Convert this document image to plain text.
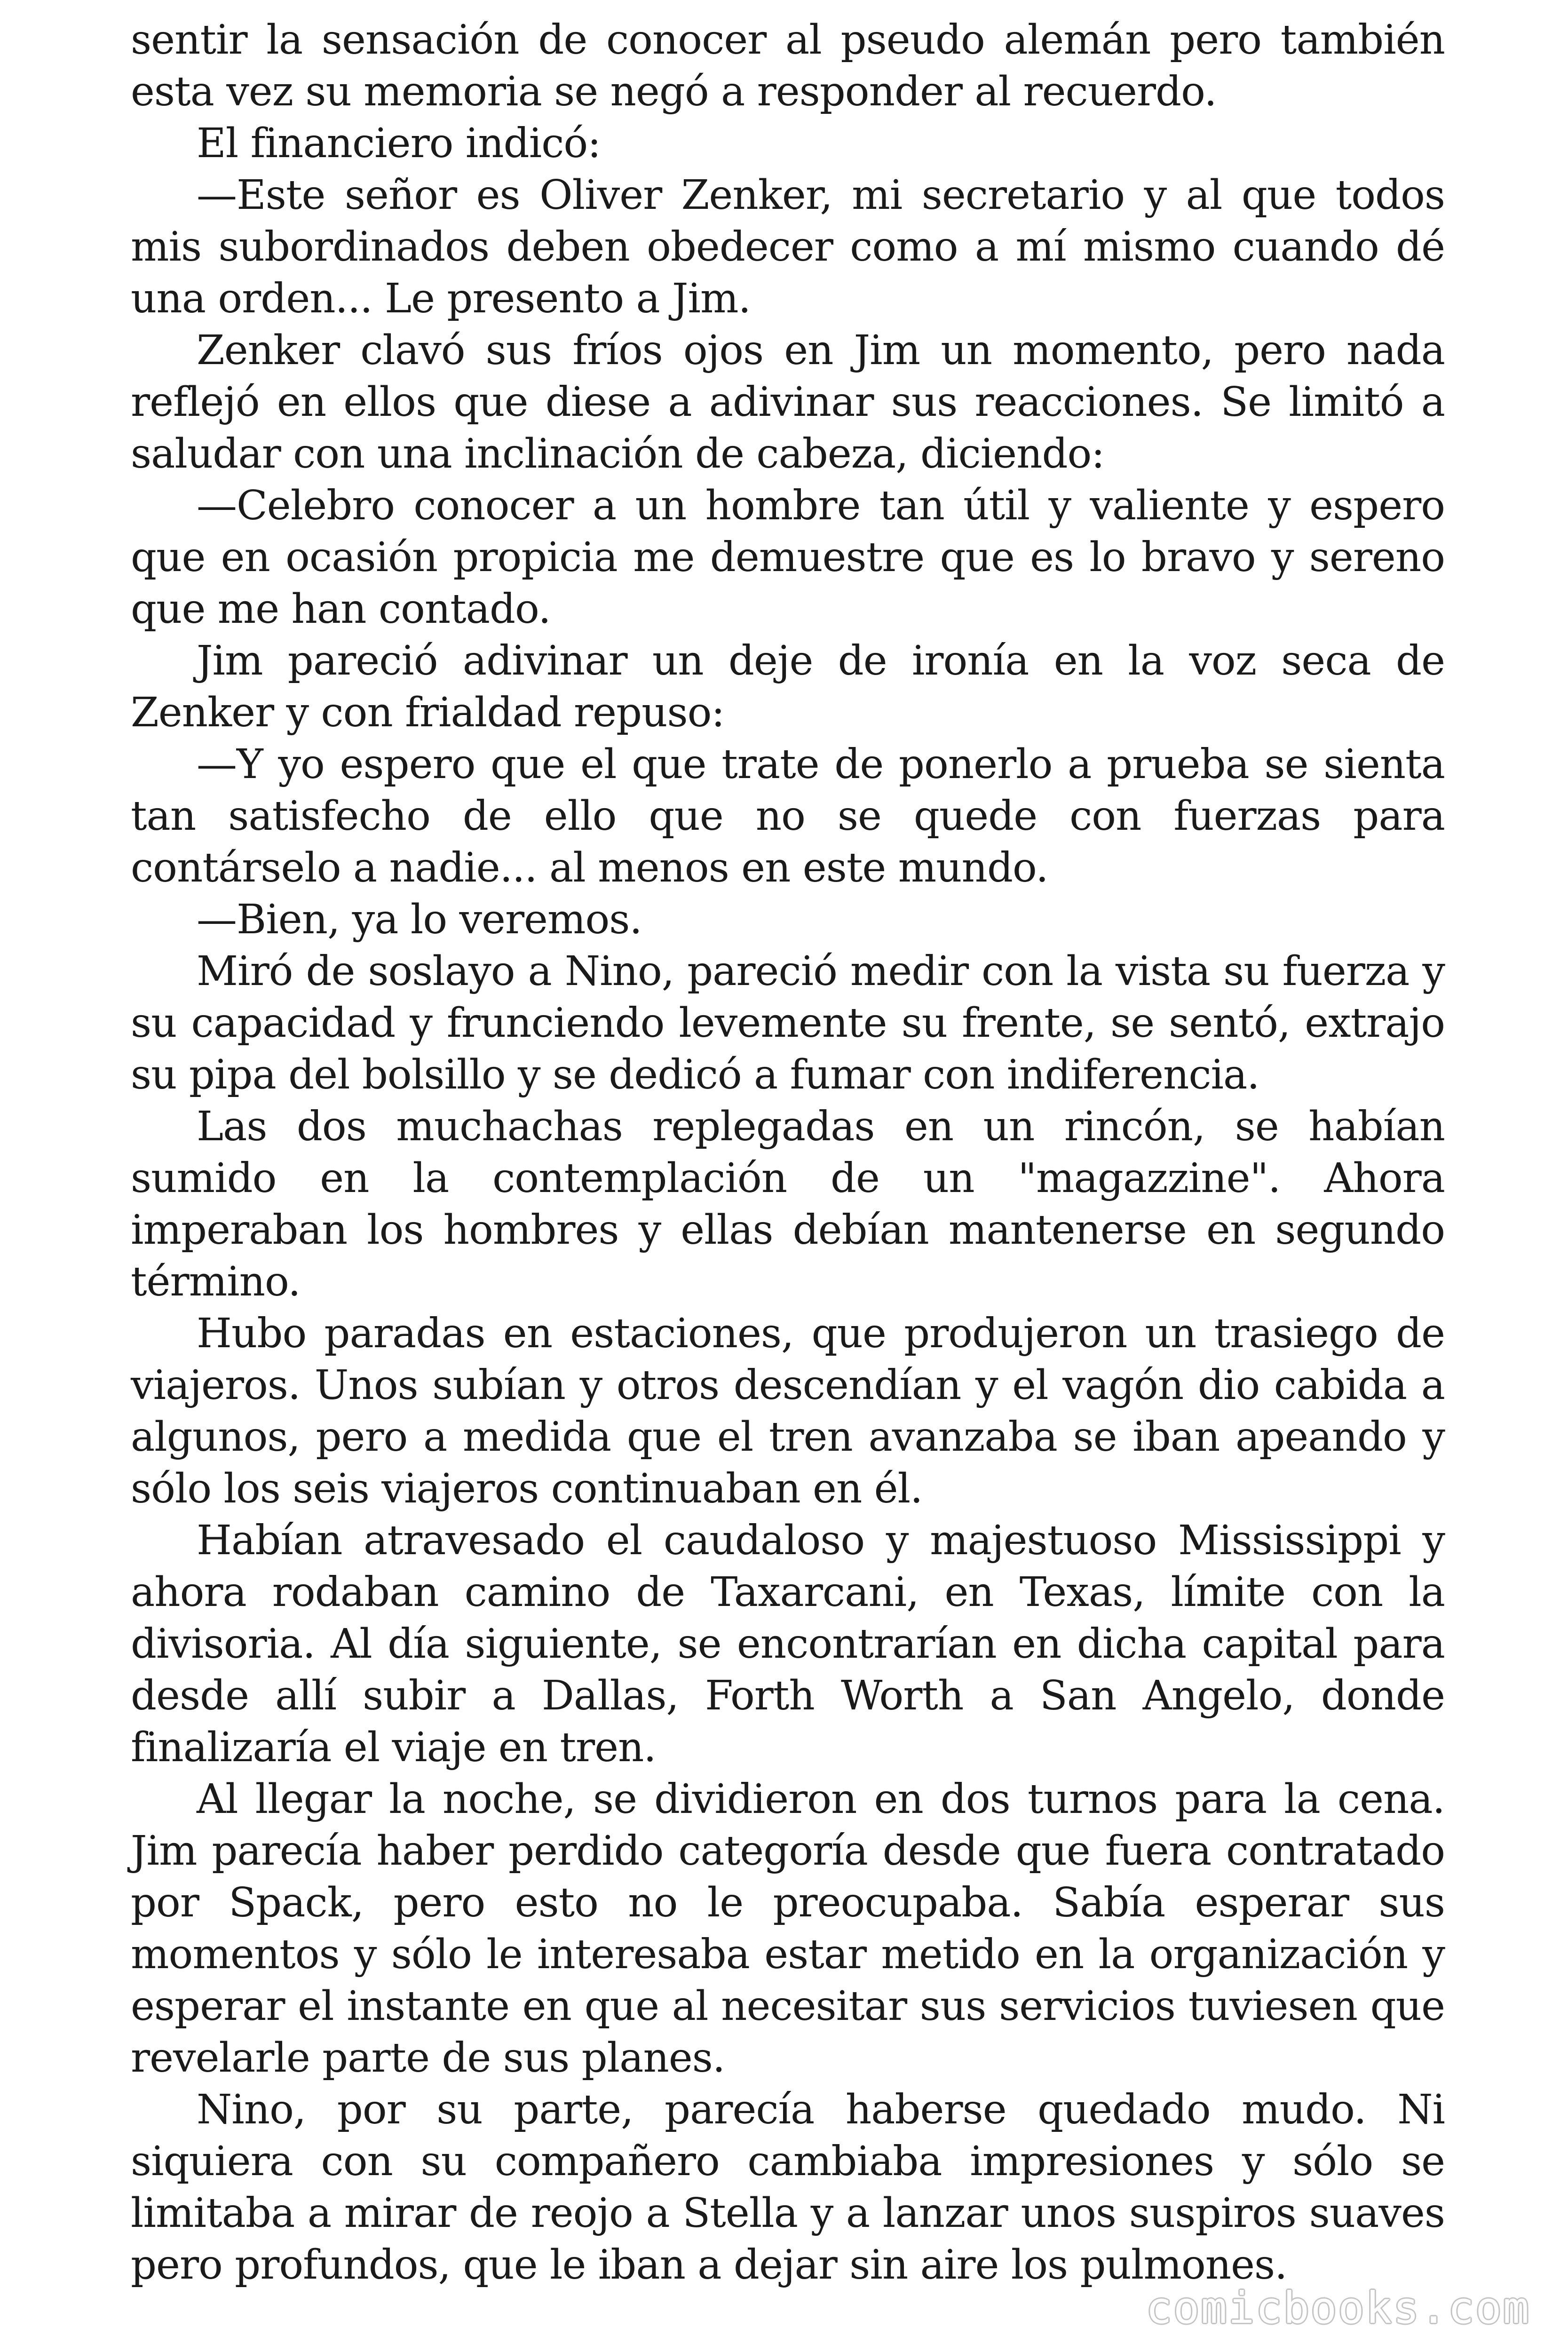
sentir la sensación de conocer al pseudo alemán pero también esta vez su memoria se negó a responder al recuerdo.

El financiero indicó:

—Este señor es Oliver Zenker, mi secretario y al que todos mis subordinados deben obedecer como a mí mismo cuando dé una orden... Le presento a Jim.

Zenker clavó sus fríos ojos en Jim un momento, pero nada reflejó en ellos que diese a adivinar sus reacciones. Se limitó a saludar con una inclinación de cabeza, diciendo:

—Celebro conocer a un hombre tan útil y valiente y espero que en ocasión propicia me demuestre que es lo bravo y sereno que me han contado.

Jim pareció adivinar un deje de ironía en la voz seca de Zenker y con frialdad repuso:

—Y yo espero que el que trate de ponerlo a prueba se sienta tan satisfecho de ello que no se quede con fuerzas para contárselo a nadie... al menos en este mundo.

—Bien, ya lo veremos.

Miró de soslayo a Nino, pareció medir con la vista su fuerza y su capacidad y frunciendo levemente su frente, se sentó, extrajo su pipa del bolsillo y se dedicó a fumar con indiferencia.

Las dos muchachas replegadas en un rincón, se habían sumido en la contemplación de un "magazzine". Ahora imperaban los hombres y ellas debían mantenerse en segundo término.

Hubo paradas en estaciones, que produjeron un trasiego de viajeros. Unos subían y otros descendían y el vagón dio cabida a algunos, pero a medida que el tren avanzaba se iban apeando y sólo los seis viajeros continuaban en él.

Habían atravesado el caudaloso y majestuoso Mississippi y ahora rodaban camino de Taxarcani, en Texas, límite con la divisoria. Al día siguiente, se encontrarían en dicha capital para desde allí subir a Dallas, Forth Worth a San Angelo, donde finalizaría el viaje en tren.

Al llegar la noche, se dividieron en dos turnos para la cena. Jim parecía haber perdido categoría desde que fuera contratado por Spack, pero esto no le preocupaba. Sabía esperar sus momentos y sólo le interesaba estar metido en la organización y esperar el instante en que al necesitar sus servicios tuviesen que revelarle parte de sus planes.

Nino, por su parte, parecía haberse quedado mudo. Ni siquiera con su compañero cambiaba impresiones y sólo se limitaba a mirar de reojo a Stella y a lanzar unos suspiros suaves pero profundos, que le iban a dejar sin aire los pulmones.

comicbooks.com
